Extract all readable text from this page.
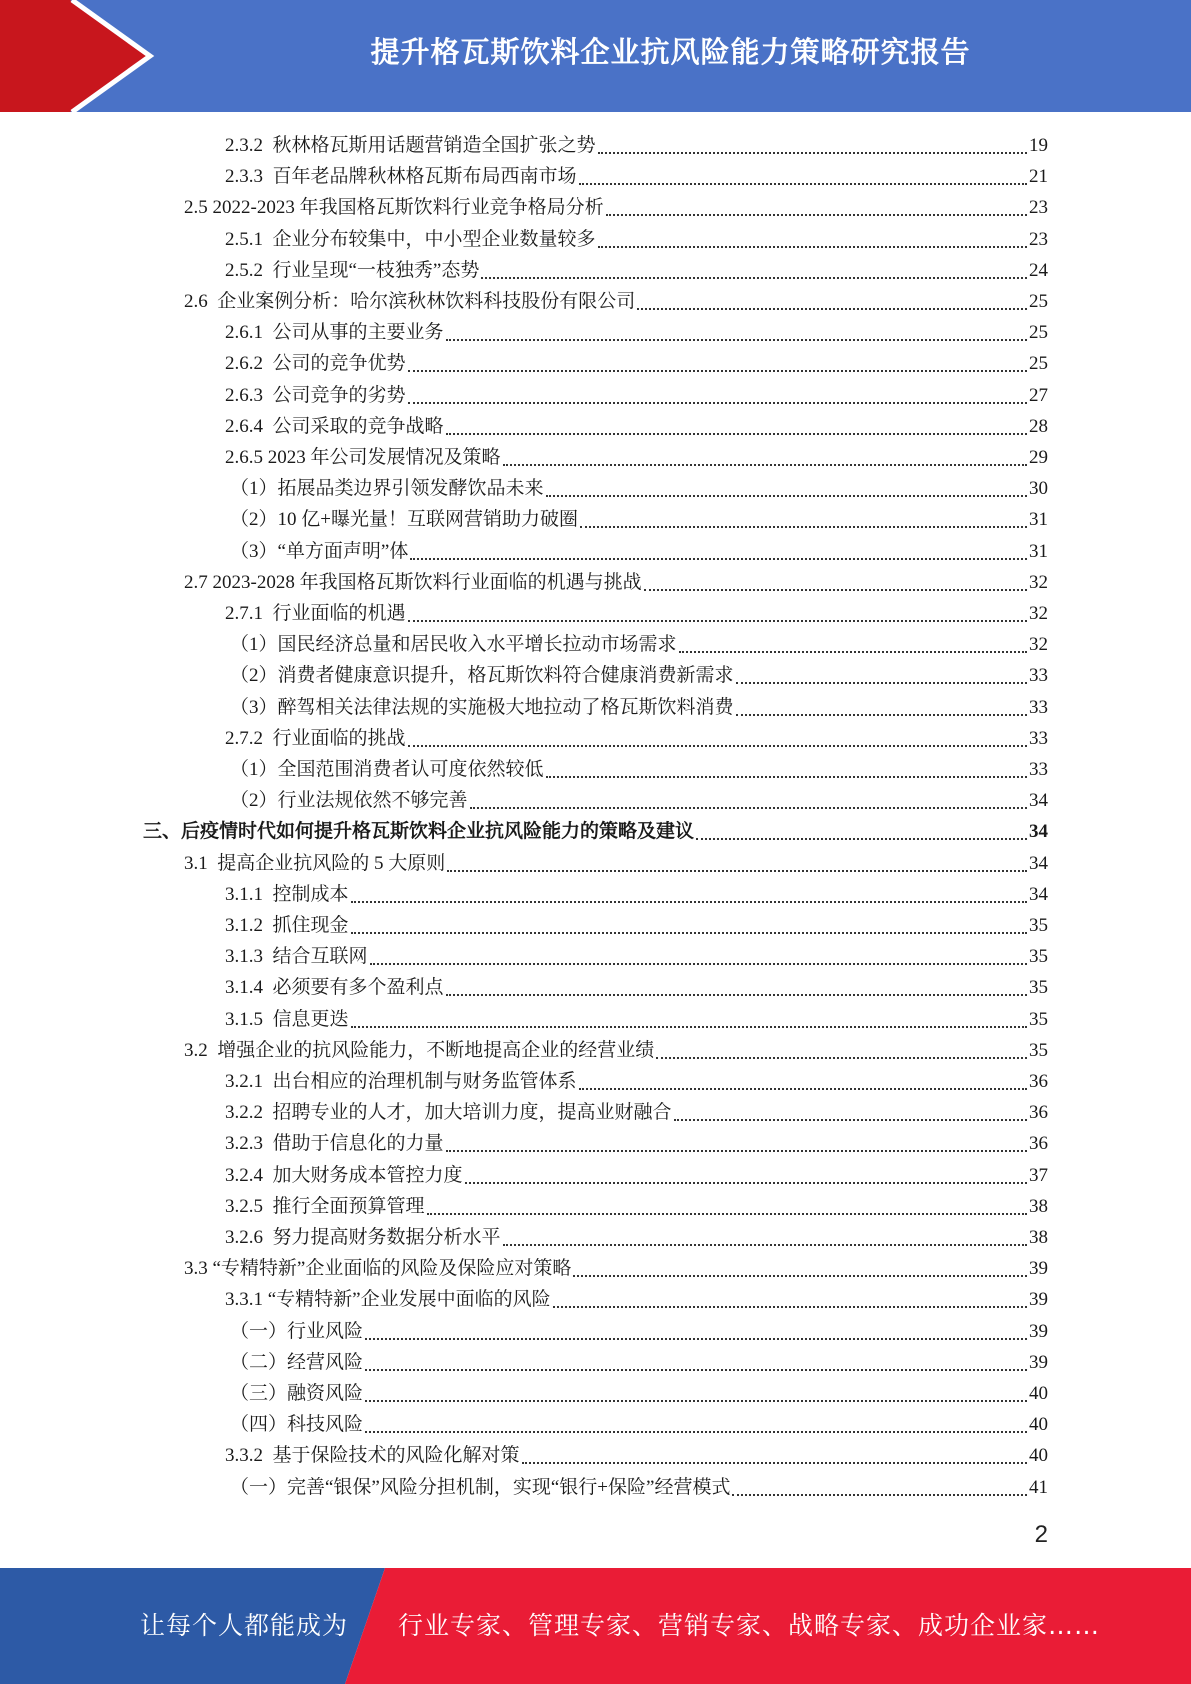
提升格瓦斯饮料企业抗风险能力策略研究报告
2.3.2  秋林格瓦斯用话题营销造全国扩张之势	19
2.3.3  百年老品牌秋林格瓦斯布局西南市场	21
2.5 2022-2023 年我国格瓦斯饮料行业竞争格局分析	23
2.5.1  企业分布较集中，中小型企业数量较多	23
2.5.2  行业呈现“一枝独秀”态势	24
2.6  企业案例分析：哈尔滨秋林饮料科技股份有限公司	25
2.6.1  公司从事的主要业务	25
2.6.2  公司的竞争优势	25
2.6.3  公司竞争的劣势	27
2.6.4  公司采取的竞争战略	28
2.6.5 2023 年公司发展情况及策略	29
（1）拓展品类边界引领发酵饮品未来	30
（2）10 亿+曝光量！互联网营销助力破圈	31
（3）“单方面声明”体	31
2.7 2023-2028 年我国格瓦斯饮料行业面临的机遇与挑战	32
2.7.1  行业面临的机遇	32
（1）国民经济总量和居民收入水平增长拉动市场需求	32
（2）消费者健康意识提升，格瓦斯饮料符合健康消费新需求	33
（3）醉驾相关法律法规的实施极大地拉动了格瓦斯饮料消费	33
2.7.2  行业面临的挑战	33
（1）全国范围消费者认可度依然较低	33
（2）行业法规依然不够完善	34
三、后疫情时代如何提升格瓦斯饮料企业抗风险能力的策略及建议	34
3.1  提高企业抗风险的 5 大原则	34
3.1.1  控制成本	34
3.1.2  抓住现金	35
3.1.3  结合互联网	35
3.1.4  必须要有多个盈利点	35
3.1.5  信息更迭	35
3.2  增强企业的抗风险能力，不断地提高企业的经营业绩	35
3.2.1  出台相应的治理机制与财务监管体系	36
3.2.2  招聘专业的人才，加大培训力度，提高业财融合	36
3.2.3  借助于信息化的力量	36
3.2.4  加大财务成本管控力度	37
3.2.5  推行全面预算管理	38
3.2.6  努力提高财务数据分析水平	38
3.3 “专精特新”企业面临的风险及保险应对策略	39
3.3.1 “专精特新”企业发展中面临的风险	39
（一）行业风险	39
（二）经营风险	39
（三）融资风险	40
（四）科技风险	40
3.3.2  基于保险技术的风险化解对策	40
（一）完善“银保”风险分担机制，实现“银行+保险”经营模式	41
2
让每个人都能成为 行业专家、管理专家、营销专家、战略专家、成功企业家……
